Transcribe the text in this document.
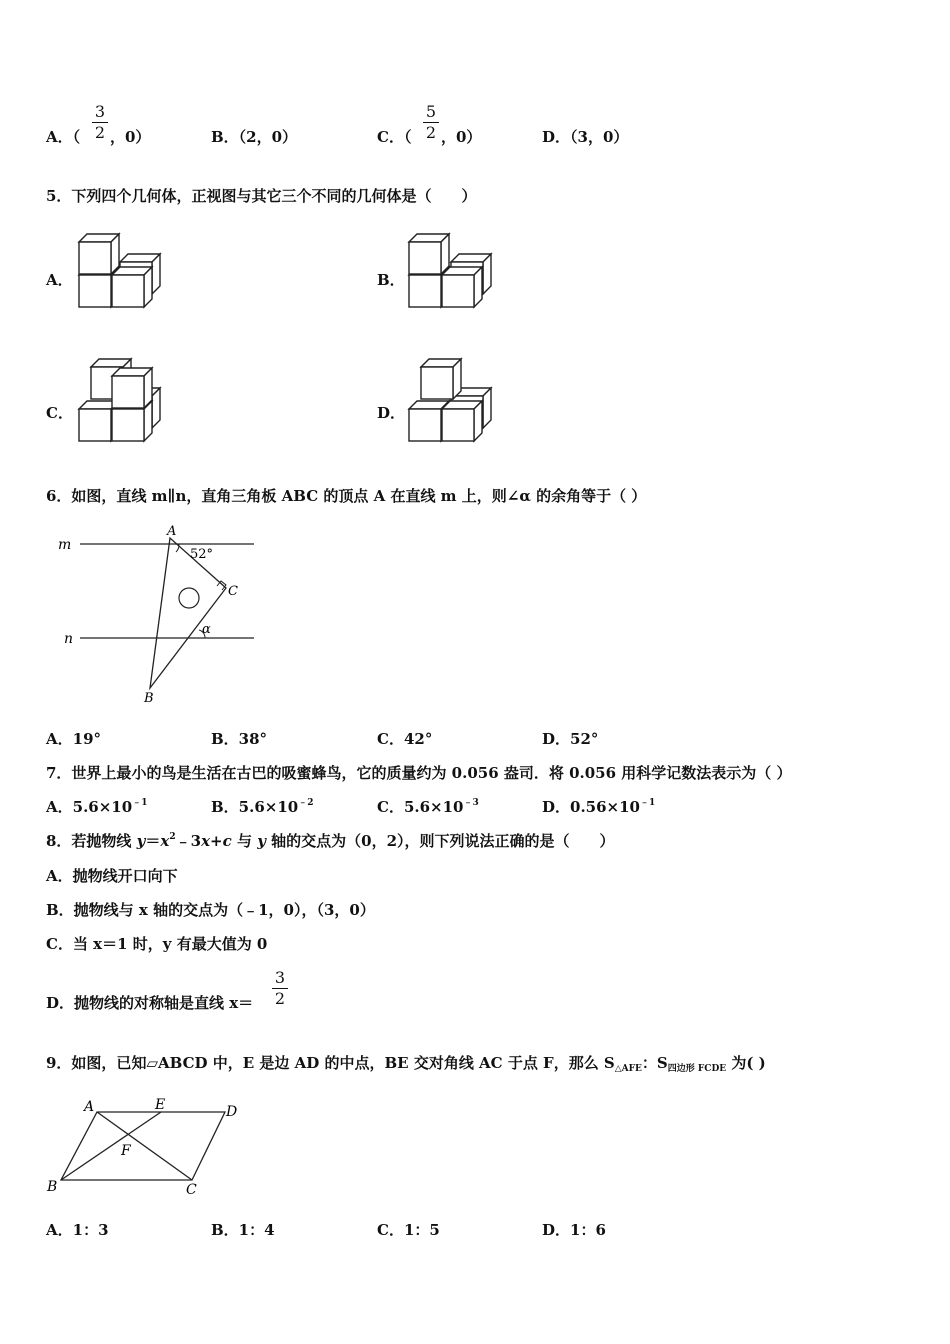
A．（
3
2 ，0）	B．（2，0）	C．（
5
2 ，0）	D．（3，0）
5．下列四个几何体，正视图与其它三个不同的几何体是（　　）
A．	B．
C．	D．
6．如图，直线 m∥n，直角三角板 ABC 的顶点 A 在直线 m 上，则∠α 的余角等于（ ）
m
n
A
B
C
52°
α
A．19°	B．38°	C．42°	D．52°
7．世界上最小的鸟是生活在古巴的吸蜜蜂鸟，它的质量约为 0.056 盎司．将 0.056 用科学记数法表示为（ ）
A．$5.6\times 10^{﹣1}$	B．$5.6\times 10^{﹣2}$	C．$5.6\times 10^{﹣3}$	D．$0.56\times 10^{﹣1}$
8．若抛物线 $y=x^2﹣3x+c$ 与 y 轴的交点为（0，2），则下列说法正确的是（　　）
A．抛物线开口向下
B．抛物线与 x 轴的交点为（﹣1，0），（3，0）
C．当 x＝1 时，y 有最大值为 0
D．抛物线的对称轴是直线 x＝
3
2
9．如图，已知▱ABCD 中，E 是边 AD 的中点，BE 交对角线 AC 于点 F，那么 $S_{\triangle AFE}$：$S_{四边形 FCDE}$ 为( )
A	E	D
F
B	C
A．1：3	B．1：4	C．1：5	D．1：6
